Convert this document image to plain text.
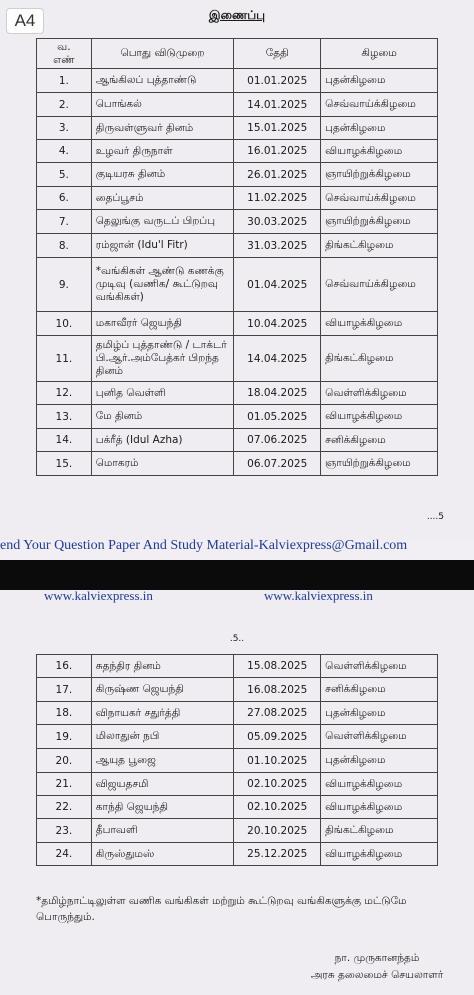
A4	இணைப்பு
வ.
எண்	பொது விடுமுறை	தேதி	கிழமை
1.	ஆங்கிலப் புத்தாண்டு	01.01.2025	புதன்கிழமை
2.	பொங்கல்	14.01.2025	செவ்வாய்க்கிழமை
3.	திருவள்ளுவர் தினம்	15.01.2025	புதன்கிழமை
4.	உழவர் திருநாள்	16.01.2025	வியாழக்கிழமை
5.	குடியரசு தினம்	26.01.2025	ஞாயிற்றுக்கிழமை
6.	தைப்பூசம்	11.02.2025	செவ்வாய்க்கிழமை
7.	தெலுங்கு வருடப் பிறப்பு	30.03.2025	ஞாயிற்றுக்கிழமை
8.	ரம்ஜான் (Idu'l Fitr)	31.03.2025	திங்கட்கிழமை
9.	*வங்கிகள் ஆண்டு கணக்கு முடிவு (வணிக/ கூட்டுறவு வங்கிகள்)	01.04.2025	செவ்வாய்க்கிழமை
10.	மகாவீரர் ஜெயந்தி	10.04.2025	வியாழக்கிழமை
11.	தமிழ்ப் புத்தாண்டு / டாக்டர் பி.ஆர்.அம்பேத்கர் பிறந்த தினம்	14.04.2025	திங்கட்கிழமை
12.	புனித வெள்ளி	18.04.2025	வெள்ளிக்கிழமை
13.	மே தினம்	01.05.2025	வியாழக்கிழமை
14.	பக்ரீத் (Idul Azha)	07.06.2025	சனிக்கிழமை
15.	மொகரம்	06.07.2025	ஞாயிற்றுக்கிழமை
....5
end Your Question Paper And Study Material-Kalviexpress@Gmail.com
www.kalviexpress.in	www.kalviexpress.in
.5..
16.	சுதந்திர தினம்	15.08.2025	வெள்ளிக்கிழமை
17.	கிருஷ்ண ஜெயந்தி	16.08.2025	சனிக்கிழமை
18.	விநாயகர் சதுர்த்தி	27.08.2025	புதன்கிழமை
19.	மிலாதுன் நபி	05.09.2025	வெள்ளிக்கிழமை
20.	ஆயுத பூஜை	01.10.2025	புதன்கிழமை
21.	விஜயதசமி	02.10.2025	வியாழக்கிழமை
22.	காந்தி ஜெயந்தி	02.10.2025	வியாழக்கிழமை
23.	தீபாவளி	20.10.2025	திங்கட்கிழமை
24.	கிருஸ்துமஸ்	25.12.2025	வியாழக்கிழமை
*தமிழ்நாட்டிலுள்ள வணிக வங்கிகள் மற்றும் கூட்டுறவு வங்கிகளுக்கு மட்டுமே பொருந்தும்.
நா. முருகானந்தம்
அரசு தலைமைச் செயலாளர்
